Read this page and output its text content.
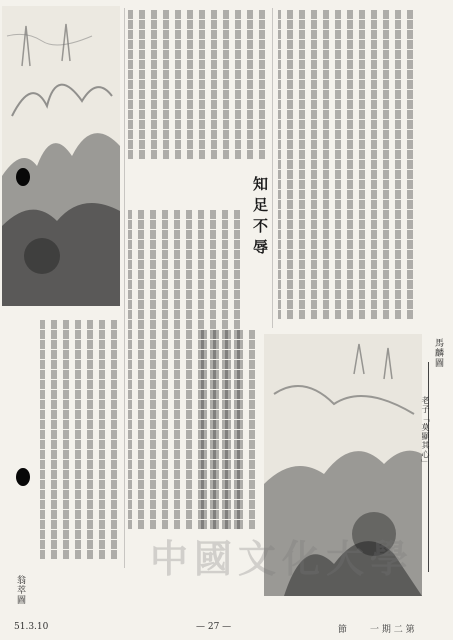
翁萃圖
知足不辱
馬麟圖
老子「莫顯其心」
中國文化大學
— 27 —	節	一 期 二 第
51.3.10
